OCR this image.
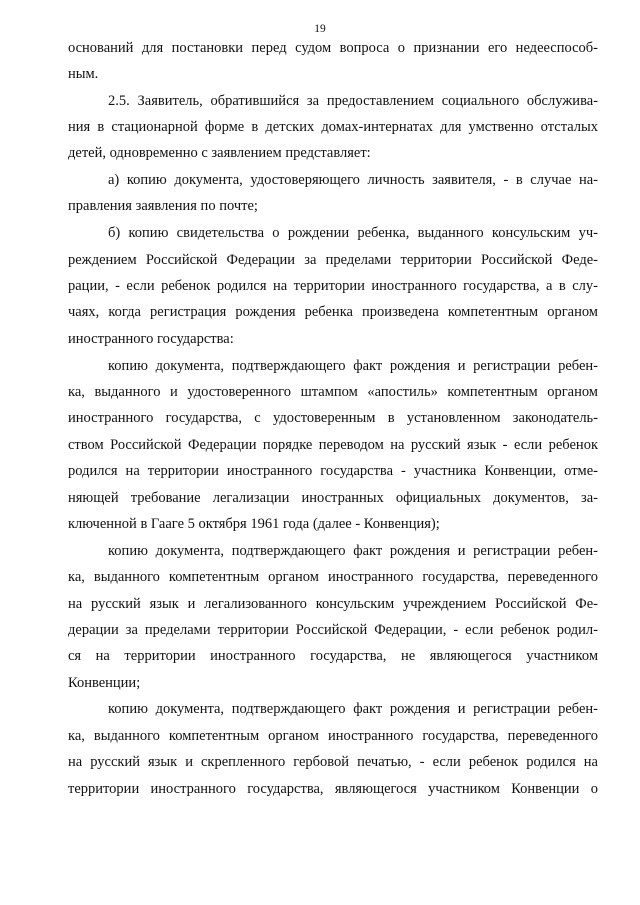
19
оснований для постановки перед судом вопроса о признании его недееспособ-
ным.
2.5. Заявитель, обратившийся за предоставлением социального обслужива-
ния в стационарной форме в детских домах-интернатах для умственно отсталых
детей, одновременно с заявлением представляет:
а) копию документа, удостоверяющего личность заявителя, - в случае на-
правления заявления по почте;
б) копию свидетельства о рождении ребенка, выданного консульским уч-
реждением Российской Федерации за пределами территории Российской Феде-
рации, - если ребенок родился на территории иностранного государства, а в слу-
чаях, когда регистрация рождения ребенка произведена компетентным органом
иностранного государства:
копию документа, подтверждающего факт рождения и регистрации ребен-
ка, выданного и удостоверенного штампом «апостиль» компетентным органом
иностранного государства, с удостоверенным в установленном законодатель-
ством Российской Федерации порядке переводом на русский язык - если ребенок
родился на территории иностранного государства - участника Конвенции, отме-
няющей требование легализации иностранных официальных документов, за-
ключенной в Гааге 5 октября 1961 года (далее - Конвенция);
копию документа, подтверждающего факт рождения и регистрации ребен-
ка, выданного компетентным органом иностранного государства, переведенного
на русский язык и легализованного консульским учреждением Российской Фе-
дерации за пределами территории Российской Федерации, - если ребенок родил-
ся на территории иностранного государства, не являющегося участником
Конвенции;
копию документа, подтверждающего факт рождения и регистрации ребен-
ка, выданного компетентным органом иностранного государства, переведенного
на русский язык и скрепленного гербовой печатью, - если ребенок родился на
территории иностранного государства, являющегося участником Конвенции о
